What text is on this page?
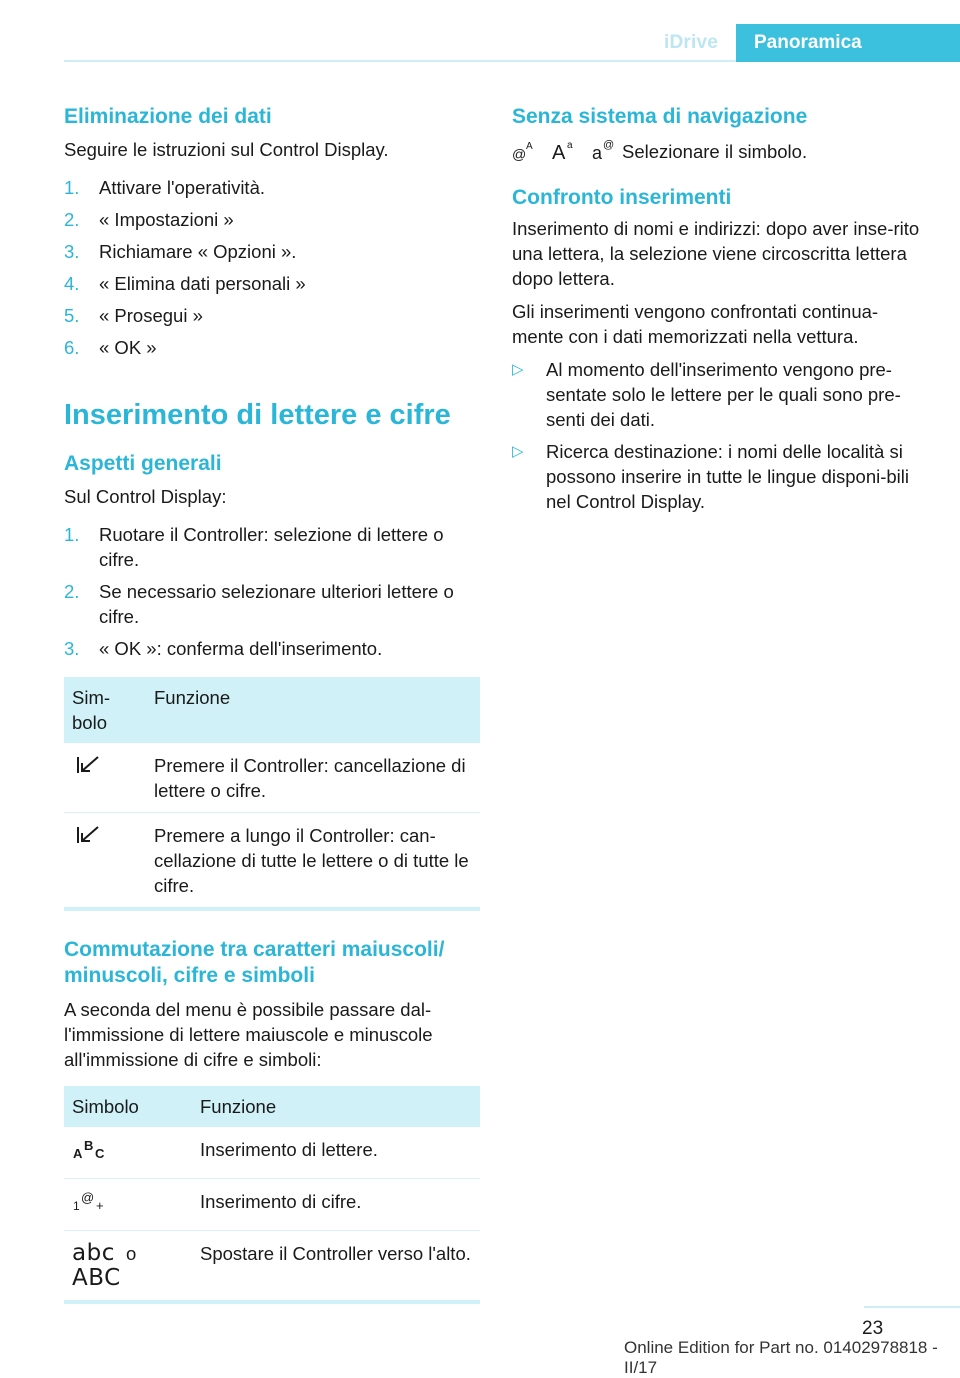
iDrive Panoramica
Eliminazione dei dati

Seguire le istruzioni sul Control Display.

1. Attivare l'operatività.
2. « Impostazioni »
3. Richiamare « Opzioni ».
4. « Elimina dati personali »
5. « Prosegui »
6. « OK »
Inserimento di lettere e cifre
Aspetti generali

Sul Control Display:

1. Ruotare il Controller: selezione di lettere o cifre.
2. Se necessario selezionare ulteriori lettere o cifre.
3. « OK »: conferma dell'inserimento.
Sim-bolo	Funzione
	Premere il Controller: cancellazione di lettere o cifre.
	Premere a lungo il Controller: can-cellazione di tutte le lettere o di tutte le cifre.
Commutazione tra caratteri maiuscoli/ minuscoli, cifre e simboli

A seconda del menu è possibile passare dal-l'immissione di lettere maiuscole e minuscole all'immissione di cifre e simboli:

Simbolo	Funzione

A
B
C	Inserimento di lettere.

1
@
+	Inserimento di cifre.
abc o
ABC	Spostare il Controller verso l'alto.
Senza sistema di navigazione
@ A A a a @ Selezionare il simbolo.
Confronto inserimenti

Inserimento di nomi e indirizzi: dopo aver inse-rito una lettera, la selezione viene circoscritta lettera dopo lettera.

Gli inserimenti vengono confrontati continua-mente con i dati memorizzati nella vettura.

▷ Al momento dell'inserimento vengono pre-sentate solo le lettere per le quali sono pre-senti dei dati.
▷ Ricerca destinazione: i nomi delle località si possono inserire in tutte le lingue disponi-bili nel Control Display.
23
Online Edition for Part no. 01402978818 - II/17
